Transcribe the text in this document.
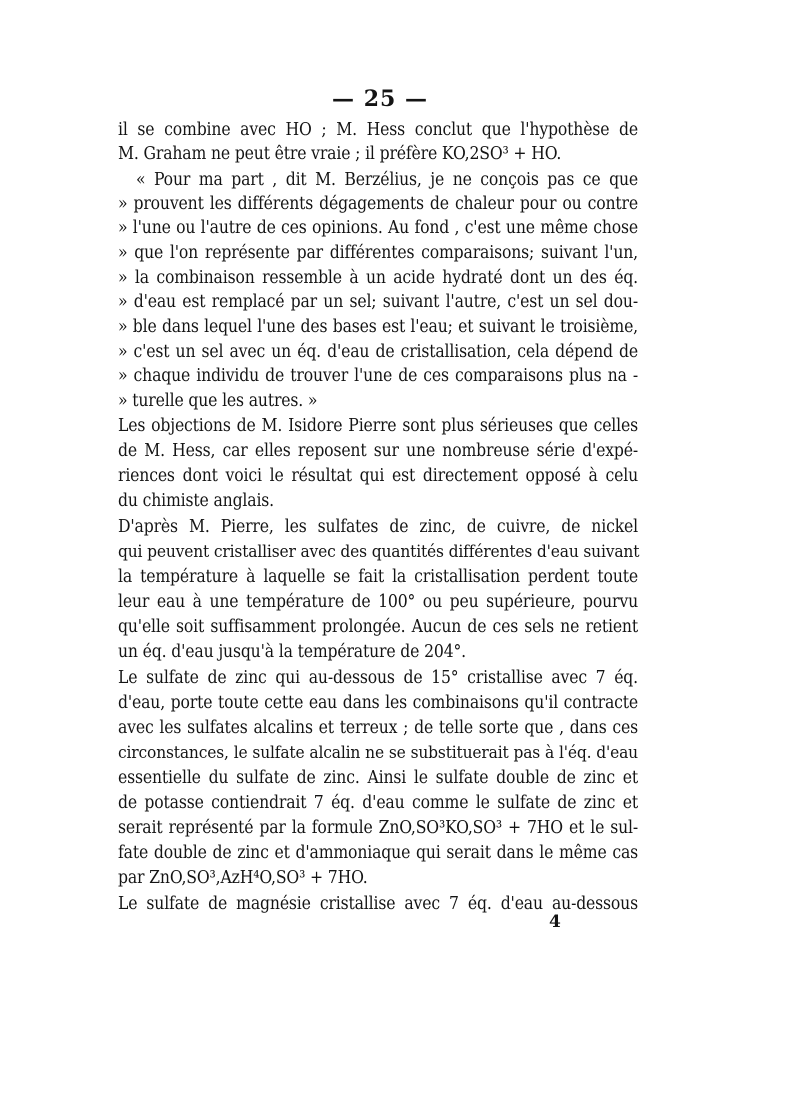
— 25 —
il se combine avec HO ; M. Hess conclut que l'hypothèse de
M. Graham ne peut être vraie ; il préfère KO,2SO³ + HO.
« Pour ma part , dit M. Berzélius, je ne conçois pas ce que
» prouvent les différents dégagements de chaleur pour ou contre
» l'une ou l'autre de ces opinions. Au fond , c'est une même chose
» que l'on représente par différentes comparaisons; suivant l'un,
» la combinaison ressemble à un acide hydraté dont un des éq.
» d'eau est remplacé par un sel; suivant l'autre, c'est un sel dou-
» ble dans lequel l'une des bases est l'eau; et suivant le troisième,
» c'est un sel avec un éq. d'eau de cristallisation, cela dépend de
» chaque individu de trouver l'une de ces comparaisons plus na -
» turelle que les autres. »
Les objections de M. Isidore Pierre sont plus sérieuses que celles
de M. Hess, car elles reposent sur une nombreuse série d'expé-
riences dont voici le résultat qui est directement opposé à celu
du chimiste anglais.
D'après M. Pierre, les sulfates de zinc, de cuivre, de nickel
qui peuvent cristalliser avec des quantités différentes d'eau suivant
la température à laquelle se fait la cristallisation perdent toute
leur eau à une température de 100° ou peu supérieure, pourvu
qu'elle soit suffisamment prolongée. Aucun de ces sels ne retient
un éq. d'eau jusqu'à la température de 204°.
Le sulfate de zinc qui au-dessous de 15° cristallise avec 7 éq.
d'eau, porte toute cette eau dans les combinaisons qu'il contracte
avec les sulfates alcalins et terreux ; de telle sorte que , dans ces
circonstances, le sulfate alcalin ne se substituerait pas à l'éq. d'eau
essentielle du sulfate de zinc. Ainsi le sulfate double de zinc et
de potasse contiendrait 7 éq. d'eau comme le sulfate de zinc et
serait représenté par la formule ZnO,SO³KO,SO³ + 7HO et le sul-
fate double de zinc et d'ammoniaque qui serait dans le même cas
par ZnO,SO³,AzH⁴O,SO³ + 7HO.
Le sulfate de magnésie cristallise avec 7 éq. d'eau au-dessous
4
